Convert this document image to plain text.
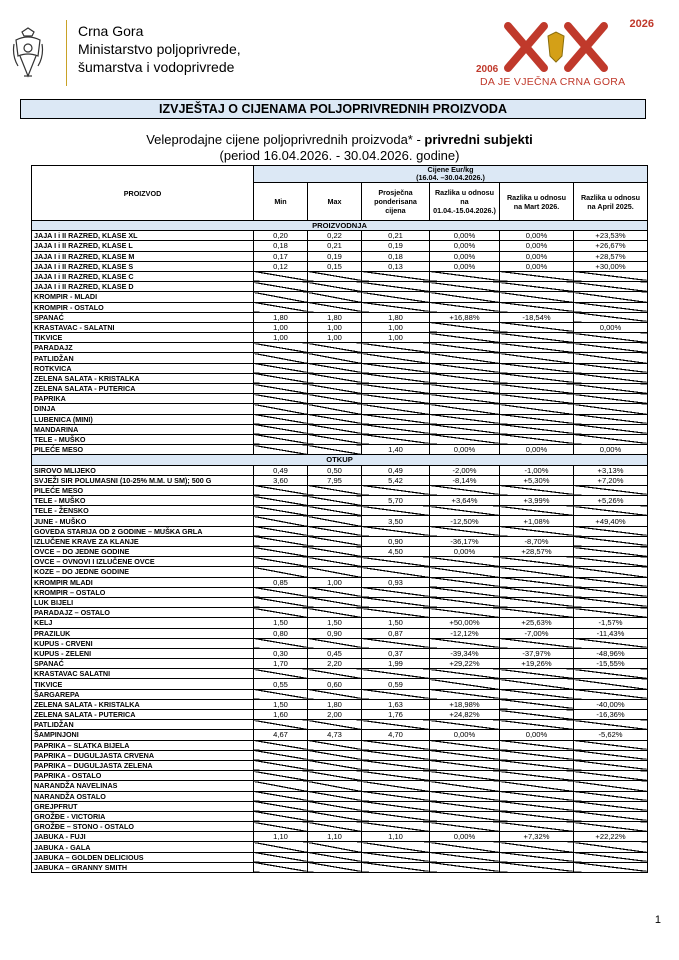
Crna Gora
Ministarstvo poljoprivrede,
šumarstva i vodoprivrede
2026
2006
DA JE VJEČNA CRNA GORA
IZVJEŠTAJ O CIJENAMA POLJOPRIVREDNIH PROIZVODA
Veleprodajne cijene poljoprivrednih proizvoda* - privredni subjekti
(period 16.04.2026. - 30.04.2026. godine)
PROIZVOD	Cijene Eur/kg
(16.04. –30.04.2026.)					
	Min	Max	Prosječna ponderisana cijena	Razlika u odnosu na 01.04.-15.04.2026.)	Razlika u odnosu na Mart 2026.	Razlika u odnosu na April 2025.
PROIZVODNJA						
JAJA I i II RAZRED, KLASE XL	0,20	0,22	0,21	0,00%	0,00%	+23,53%
JAJA I i II RAZRED, KLASE L	0,18	0,21	0,19	0,00%	0,00%	+26,67%
JAJA I i II RAZRED, KLASE M	0,17	0,19	0,18	0,00%	0,00%	+28,57%
JAJA I i II RAZRED, KLASE S	0,12	0,15	0,13	0,00%	0,00%	+30,00%
JAJA I i II RAZRED, KLASE C						
JAJA I i II RAZRED, KLASE D						
KROMPIR - MLADI						
KROMPIR - OSTALO						
SPANAĆ	1,80	1,80	1,80	+16,88%	-18,54%	
KRASTAVAC - SALATNI	1,00	1,00	1,00			0,00%
TIKVICE	1,00	1,00	1,00			
PARADAJZ						
PATLIDŽAN						
ROTKVICA						
ZELENA SALATA - KRISTALKA						
ZELENA SALATA - PUTERICA						
PAPRIKA						
DINJA						
LUBENICA (MINI)						
MANDARINA						
TELE - MUŠKO						
PILEĆE MESO			1,40	0,00%	0,00%	0,00%
OTKUP						
SIROVO MLIJEKO	0,49	0,50	0,49	-2,00%	-1,00%	+3,13%
SVJEŽI SIR POLUMASNI (10-25% M.M. U SM); 500 G	3,60	7,95	5,42	-8,14%	+5,30%	+7,20%
PILEĆE MESO						
TELE - MUŠKO			5,70	+3,64%	+3,99%	+5,26%
TELE - ŽENSKO						
JUNE - MUŠKO			3,50	-12,50%	+1,08%	+49,40%
GOVEDA STARIJA OD 2 GODINE – MUŠKA GRLA						
IZLUČENE KRAVE ZA KLANJE			0,90	-36,17%	-8,70%	
OVCE – DO JEDNE GODINE			4,50	0,00%	+28,57%	
OVCE – OVNOVI I IZLUČENE OVCE						
KOZE – DO JEDNE GODINE						
KROMPIR MLADI	0,85	1,00	0,93			
KROMPIR – OSTALO						
LUK BIJELI						
PARADAJZ – OSTALO						
KELJ	1,50	1,50	1,50	+50,00%	+25,63%	-1,57%
PRAZILUK	0,80	0,90	0,87	-12,12%	-7,00%	-11,43%
KUPUS - CRVENI						
KUPUS - ZELENI	0,30	0,45	0,37	-39,34%	-37,97%	-48,96%
SPANAĆ	1,70	2,20	1,99	+29,22%	+19,26%	-15,55%
KRASTAVAC SALATNI						
TIKVICE	0,55	0,60	0,59			
ŠARGAREPA						
ZELENA SALATA - KRISTALKA	1,50	1,80	1,63	+18,98%		-40,00%
ZELENA SALATA - PUTERICA	1,60	2,00	1,76	+24,82%		-16,36%
PATLIDŽAN						
ŠAMPINJONI	4,67	4,73	4,70	0,00%	0,00%	-5,62%
PAPRIKA – SLATKA BIJELA						
PAPRIKA – DUGULJASTA CRVENA						
PAPRIKA – DUGULJASTA ZELENA						
PAPRIKA - OSTALO						
NARANDŽA NAVELINAS						
NARANDŽA OSTALO						
GREJPFRUT						
GROŽĐE - VICTORIA						
GROŽĐE – STONO - OSTALO						
JABUKA - FUJI	1,10	1,10	1,10	0,00%	+7,32%	+22,22%
JABUKA - GALA						
JABUKA – GOLDEN DELICIOUS						
JABUKA – GRANNY SMITH						
1
